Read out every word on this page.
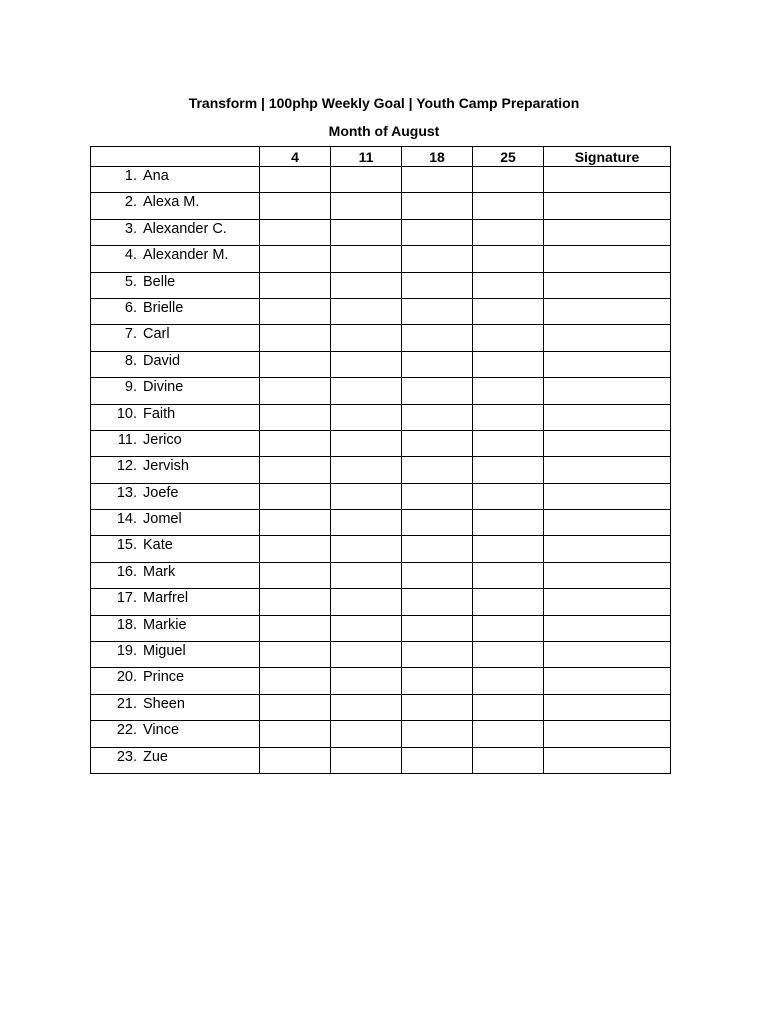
Transform | 100php Weekly Goal | Youth Camp Preparation
Month of August
	4	11	18	25	Signature

1. Ana					

2. Alexa M.					

3. Alexander C.					

4. Alexander M.					

5. Belle					

6. Brielle					

7. Carl					

8. David					

9. Divine					

10. Faith					

11. Jerico					

12. Jervish					

13. Joefe					

14. Jomel					

15. Kate					

16. Mark					

17. Marfrel					

18. Markie					

19. Miguel					

20. Prince					

21. Sheen					

22. Vince					

23. Zue					
